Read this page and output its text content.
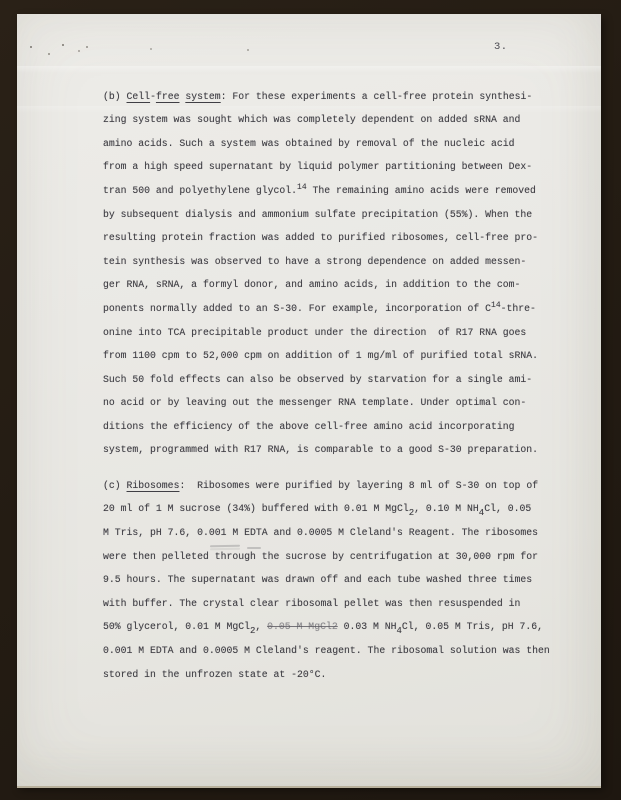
3.
(b) Cell-free system: For these experiments a cell-free protein synthesi-
zing system was sought which was completely dependent on added sRNA and
amino acids. Such a system was obtained by removal of the nucleic acid
from a high speed supernatant by liquid polymer partitioning between Dex-
tran 500 and polyethylene glycol.$^{14}$ The remaining amino acids were removed
by subsequent dialysis and ammonium sulfate precipitation (55%). When the
resulting protein fraction was added to purified ribosomes, cell-free pro-
tein synthesis was observed to have a strong dependence on added messen-
ger RNA, sRNA, a formyl donor, and amino acids, in addition to the com-
ponents normally added to an S-30. For example, incorporation of $C^{14}-thre-$
onine into TCA precipitable product under the direction  of R17 RNA goes
from 1100 cpm to 52,000 cpm on addition of 1 mg/ml of purified total sRNA.
Such 50 fold effects can also be observed by starvation for a single ami-
no acid or by leaving out the messenger RNA template. Under optimal con-
ditions the efficiency of the above cell-free amino acid incorporating
system, programmed with R17 RNA, is comparable to a good S-30 preparation.
(c) Ribosomes:  Ribosomes were purified by layering 8 ml of S-30 on top of
20 ml of 1 M sucrose (34%) buffered with 0.01 M MgCl2, 0.10 M NH4Cl, 0.05
M Tris, pH 7.6, 0.001 M EDTA and 0.0005 M Cleland's Reagent. The ribosomes
were then pelleted through the sucrose by centrifugation at 30,000 rpm for
9.5 hours. The supernatant was drawn off and each tube washed three times
with buffer. The crystal clear ribosomal pellet was then resuspended in
50% glycerol, 0.01 M MgCl2, 0.05 M MgCl2 0.03 M NH4Cl, 0.05 M Tris, pH 7.6,
0.001 M EDTA and 0.0005 M Cleland's reagent. The ribosomal solution was then
stored in the unfrozen state at -20°C.
